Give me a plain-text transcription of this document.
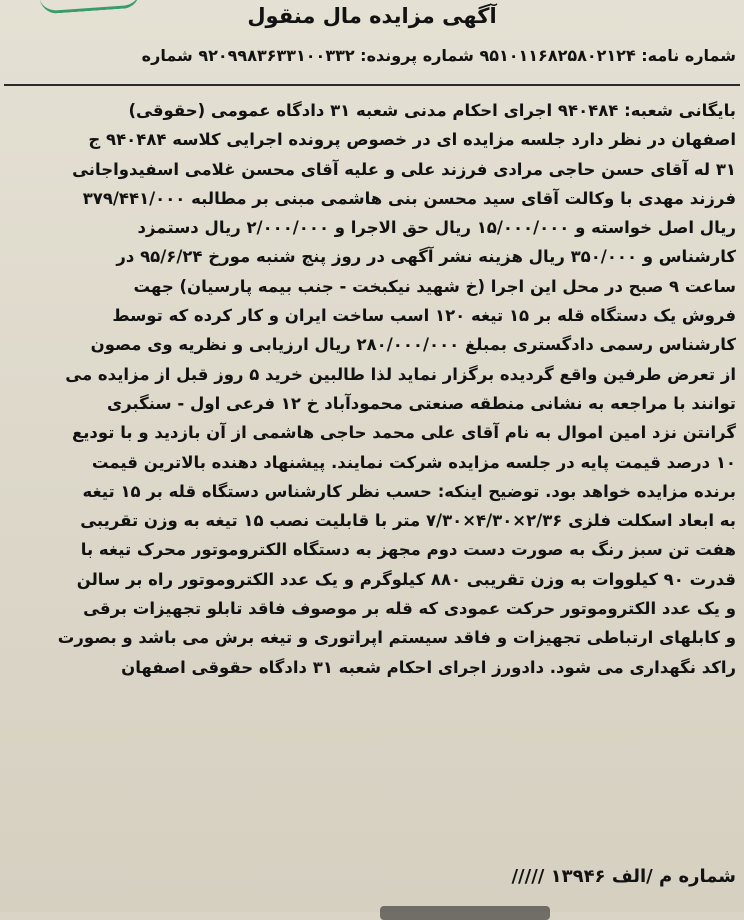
آگهی مزایده مال منقول
شماره نامه: ۹۵۱۰۱۱۶۸۲۵۸۰۲۱۲۴ شماره پرونده: ۹۲۰۹۹۸۳۶۳۳۱۰۰۳۳۲ شماره
بایگانی شعبه: ۹۴۰۴۸۴ اجرای احکام مدنی شعبه ۳۱ دادگاه عمومی (حقوقی)
اصفهان در نظر دارد جلسه مزایده ای در خصوص پرونده اجرایی کلاسه ۹۴۰۴۸۴ ج
۳۱ له آقای حسن حاجی مرادی فرزند علی و علیه آقای محسن غلامی اسفیدواجانی
فرزند مهدی با وکالت آقای سید محسن بنی هاشمی مبنی بر مطالبه ۳۷۹/۴۴۱/۰۰۰
ریال اصل خواسته و ۱۵/۰۰۰/۰۰۰ ریال حق الاجرا و ۲/۰۰۰/۰۰۰ ریال دستمزد
کارشناس و ۳۵۰/۰۰۰ ریال هزینه نشر آگهی در روز پنج شنبه مورخ ۹۵/۶/۲۴ در
ساعت ۹ صبح در محل این اجرا (خ شهید نیکبخت - جنب بیمه پارسیان) جهت
فروش یک دستگاه قله بر ۱۵ تیغه ۱۲۰ اسب ساخت ایران و کار کرده که توسط
کارشناس رسمی دادگستری بمبلغ ۲۸۰/۰۰۰/۰۰۰ ریال ارزیابی و نظریه وی مصون
از تعرض طرفین واقع گردیده برگزار نماید لذا طالبین خرید ۵ روز قبل از مزایده می
توانند با مراجعه به نشانی منطقه صنعتی محمودآباد خ ۱۲ فرعی اول - سنگبری
گرانتن نزد امین اموال به نام آقای علی محمد حاجی هاشمی از آن بازدید و با تودیع
۱۰ درصد قیمت پایه در جلسه مزایده شرکت نمایند. پیشنهاد دهنده بالاترین قیمت
برنده مزایده خواهد بود. توضیح اینکه: حسب نظر کارشناس دستگاه قله بر ۱۵ تیغه
به ابعاد اسکلت فلزی ۲/۳۶×۴/۳۰×۷/۳۰ متر با قابلیت نصب ۱۵ تیغه به وزن تقریبی
هفت تن سبز رنگ به صورت دست دوم مجهز به دستگاه الکتروموتور محرک تیغه با
قدرت ۹۰ کیلووات به وزن تقریبی ۸۸۰ کیلوگرم و یک عدد الکتروموتور راه بر سالن
و یک عدد الکتروموتور حرکت عمودی که قله بر موصوف فاقد تابلو تجهیزات برقی
و کابلهای ارتباطی تجهیزات و فاقد سیستم اپراتوری و تیغه برش می باشد و بصورت
راکد نگهداری می شود. دادورز اجرای احکام شعبه ۳۱ دادگاه حقوقی اصفهان
شماره م /الف ۱۳۹۴۶ /////
